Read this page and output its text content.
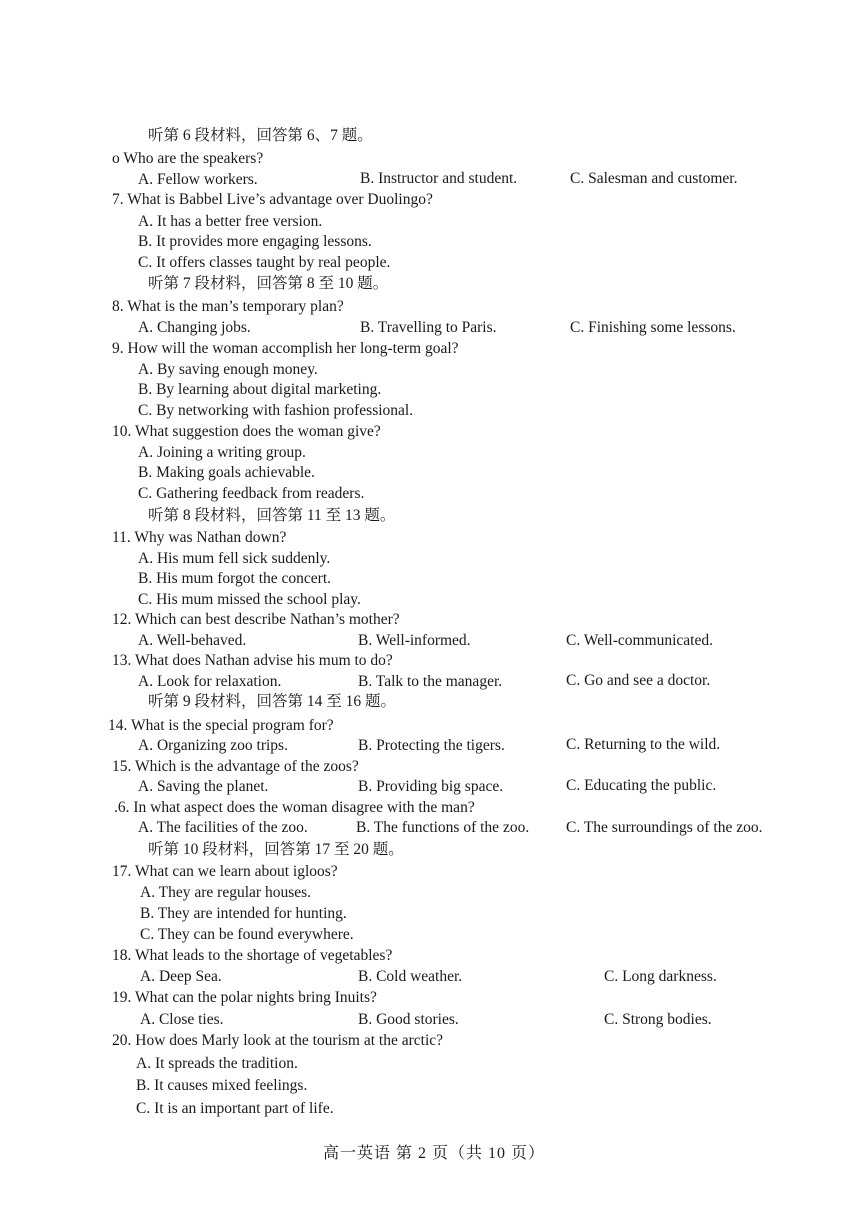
听第 6 段材料，回答第 6、7 题。
o Who are the speakers?
A. Fellow workers.	B. Instructor and student.	C. Salesman and customer.
7. What is Babbel Live’s advantage over Duolingo?
A. It has a better free version.
B. It provides more engaging lessons.
C. It offers classes taught by real people.
听第 7 段材料，回答第 8 至 10 题。
8. What is the man’s temporary plan?
A. Changing jobs.	B. Travelling to Paris.	C. Finishing some lessons.
9. How will the woman accomplish her long-term goal?
A. By saving enough money.
B. By learning about digital marketing.
C. By networking with fashion professional.
10. What suggestion does the woman give?
A. Joining a writing group.
B. Making goals achievable.
C. Gathering feedback from readers.
听第 8 段材料，回答第 11 至 13 题。
11. Why was Nathan down?
A. His mum fell sick suddenly.
B. His mum forgot the concert.
C. His mum missed the school play.
12. Which can best describe Nathan’s mother?
A. Well-behaved.	B. Well-informed.	C. Well-communicated.
13. What does Nathan advise his mum to do?
A. Look for relaxation.	B. Talk to the manager.	C. Go and see a doctor.
听第 9 段材料，回答第 14 至 16 题。
14. What is the special program for?
A. Organizing zoo trips.	B. Protecting the tigers.	C. Returning to the wild.
15. Which is the advantage of the zoos?
A. Saving the planet.	B. Providing big space.	C. Educating the public.
.6. In what aspect does the woman disagree with the man?
A. The facilities of the zoo.	B. The functions of the zoo. C. The surroundings of the zoo.
听第 10 段材料，回答第 17 至 20 题。
17. What can we learn about igloos?
A. They are regular houses.
B. They are intended for hunting.
C. They can be found everywhere.
18. What leads to the shortage of vegetables?
A. Deep Sea.	B. Cold weather.	C. Long darkness.
19. What can the polar nights bring Inuits?
A. Close ties.	B. Good stories.	C. Strong bodies.
20. How does Marly look at the tourism at the arctic?
A. It spreads the tradition.
B. It causes mixed feelings.
C. It is an important part of life.
高一英语 第 2 页（共 10 页）
